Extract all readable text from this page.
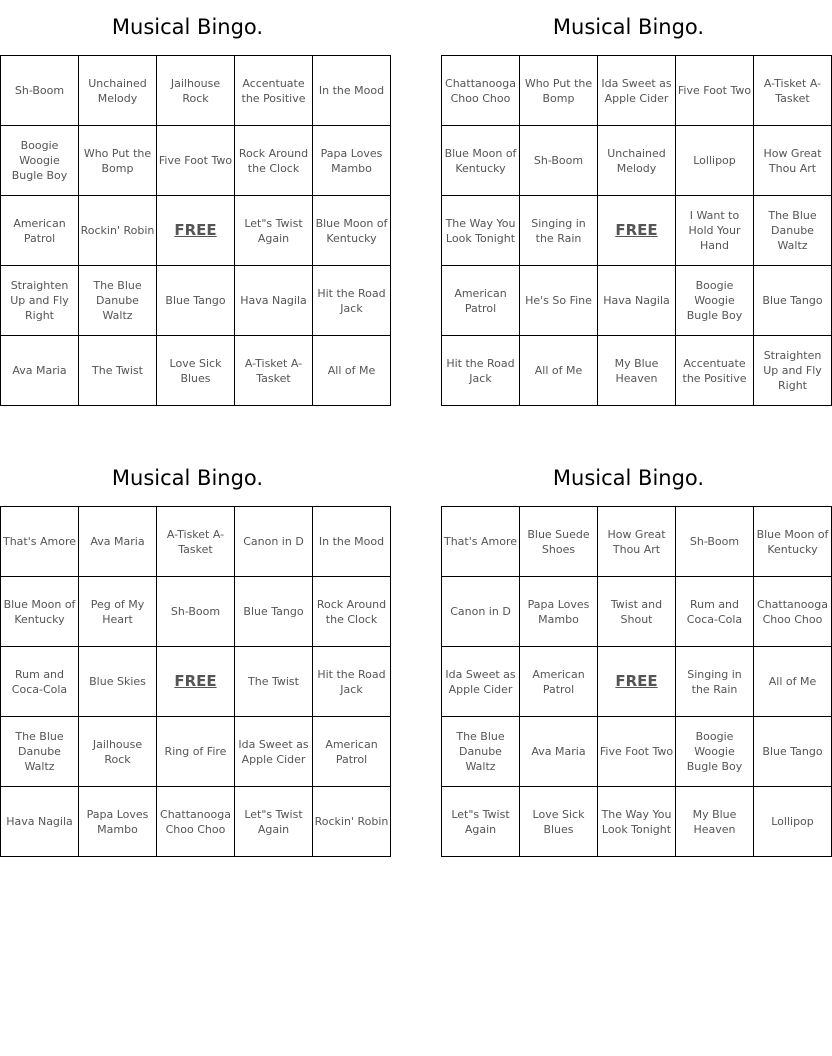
Musical Bingo.
Sh-Boom	Unchained Melody	Jailhouse Rock	Accentuate the Positive	In the Mood
Boogie Woogie Bugle Boy	Who Put the Bomp	Five Foot Two	Rock Around the Clock	Papa Loves Mambo
American Patrol	Rockin' Robin	FREE	Let"s Twist Again	Blue Moon of Kentucky
Straighten Up and Fly Right	The Blue Danube Waltz	Blue Tango	Hava Nagila	Hit the Road Jack
Ava Maria	The Twist	Love Sick Blues	A-Tisket A-Tasket	All of Me
Musical Bingo.
Chattanooga Choo Choo	Who Put the Bomp	Ida Sweet as Apple Cider	Five Foot Two	A-Tisket A-Tasket
Blue Moon of Kentucky	Sh-Boom	Unchained Melody	Lollipop	How Great Thou Art
The Way You Look Tonight	Singing in the Rain	FREE	I Want to Hold Your Hand	The Blue Danube Waltz
American Patrol	He's So Fine	Hava Nagila	Boogie Woogie Bugle Boy	Blue Tango
Hit the Road Jack	All of Me	My Blue Heaven	Accentuate the Positive	Straighten Up and Fly Right
Musical Bingo.
That's Amore	Ava Maria	A-Tisket A-Tasket	Canon in D	In the Mood
Blue Moon of Kentucky	Peg of My Heart	Sh-Boom	Blue Tango	Rock Around the Clock
Rum and Coca-Cola	Blue Skies	FREE	The Twist	Hit the Road Jack
The Blue Danube Waltz	Jailhouse Rock	Ring of Fire	Ida Sweet as Apple Cider	American Patrol
Hava Nagila	Papa Loves Mambo	Chattanooga Choo Choo	Let"s Twist Again	Rockin' Robin
Musical Bingo.
That's Amore	Blue Suede Shoes	How Great Thou Art	Sh-Boom	Blue Moon of Kentucky
Canon in D	Papa Loves Mambo	Twist and Shout	Rum and Coca-Cola	Chattanooga Choo Choo
Ida Sweet as Apple Cider	American Patrol	FREE	Singing in the Rain	All of Me
The Blue Danube Waltz	Ava Maria	Five Foot Two	Boogie Woogie Bugle Boy	Blue Tango
Let"s Twist Again	Love Sick Blues	The Way You Look Tonight	My Blue Heaven	Lollipop
